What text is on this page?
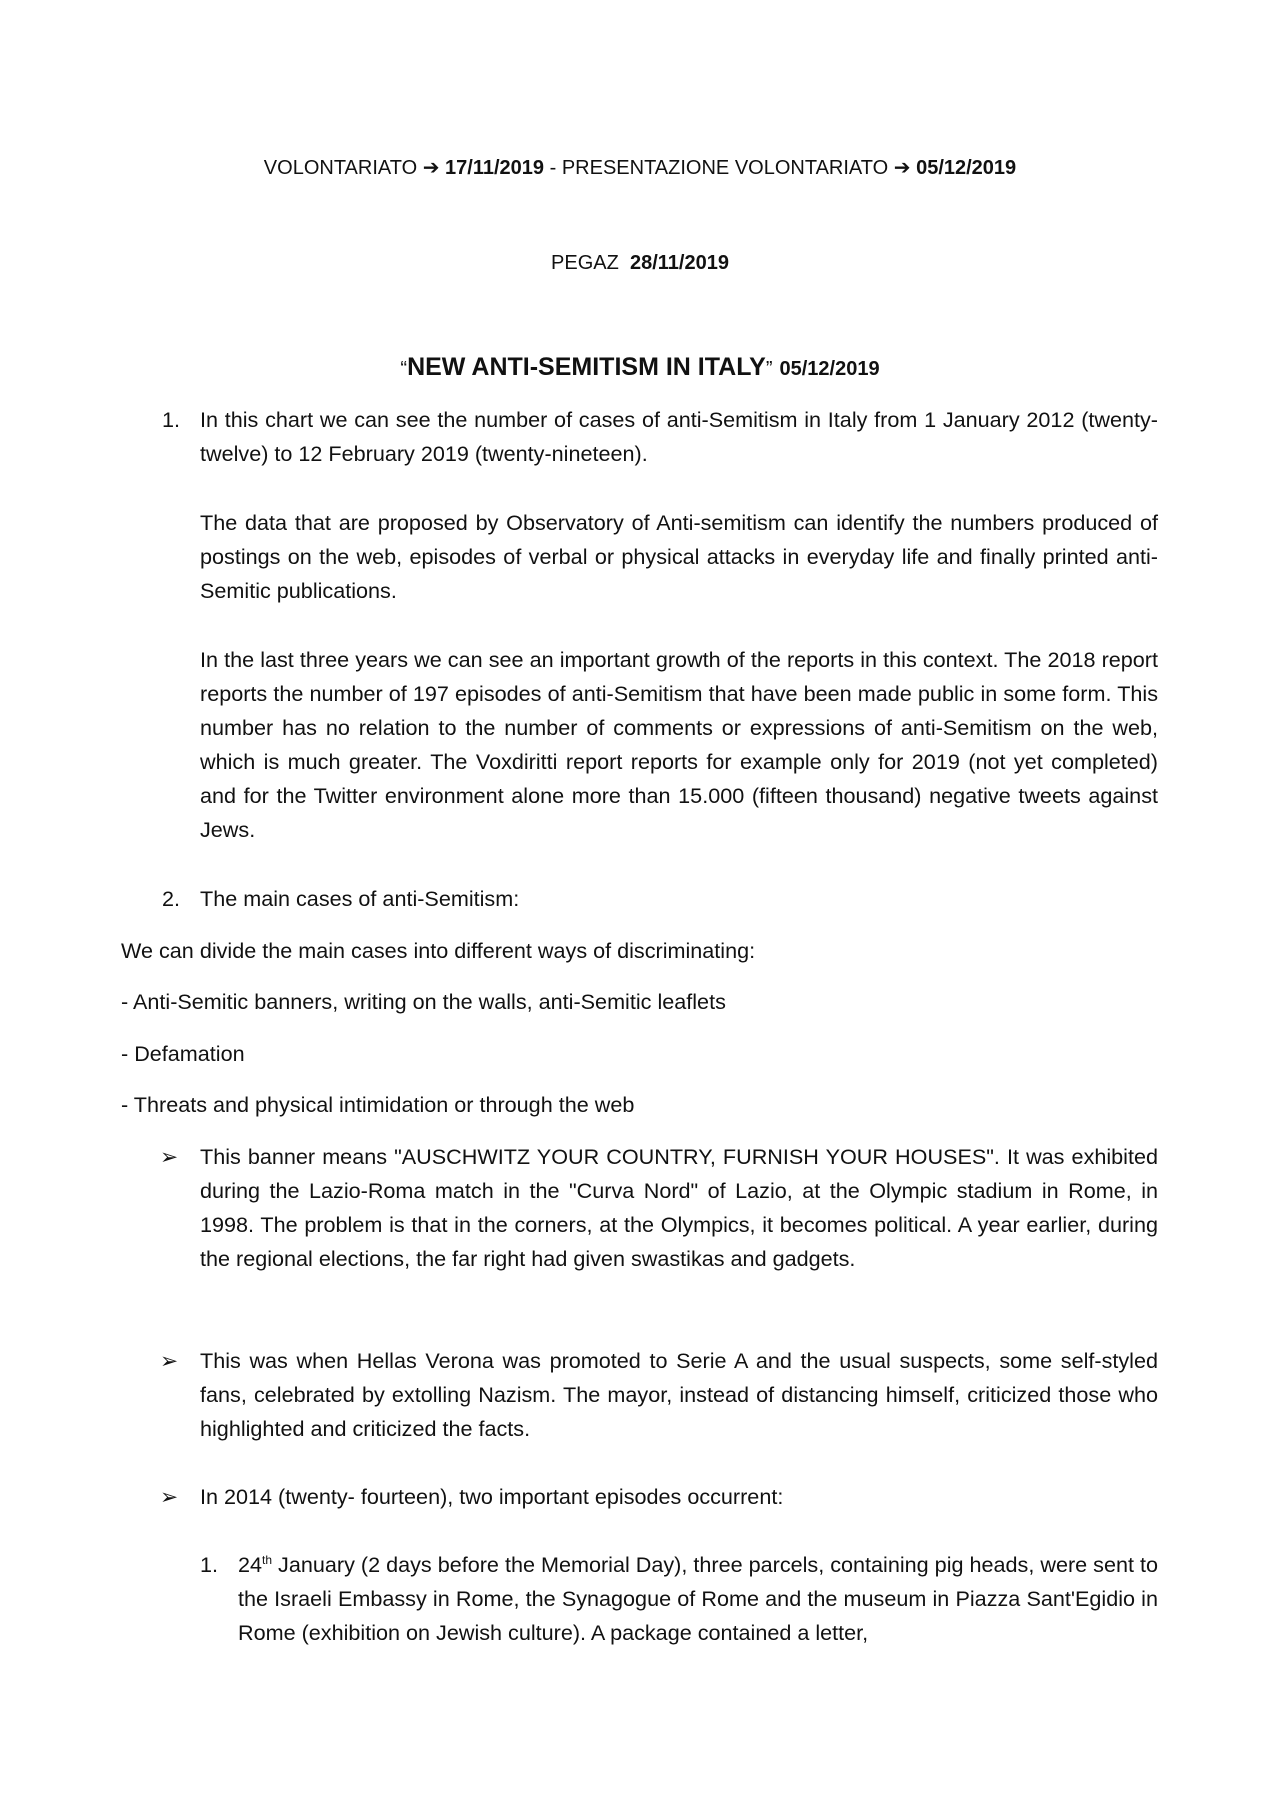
VOLONTARIATO ➔ 17/11/2019 - PRESENTAZIONE VOLONTARIATO ➔ 05/12/2019
PEGAZ 28/11/2019
“NEW ANTI-SEMITISM IN ITALY” 05/12/2019
1. In this chart we can see the number of cases of anti-Semitism in Italy from 1 January 2012 (twenty- twelve) to 12 February 2019 (twenty-nineteen).
The data that are proposed by Observatory of Anti-semitism can identify the numbers produced of postings on the web, episodes of verbal or physical attacks in everyday life and finally printed anti-Semitic publications.
In the last three years we can see an important growth of the reports in this context. The 2018 report reports the number of 197 episodes of anti-Semitism that have been made public in some form. This number has no relation to the number of comments or expressions of anti-Semitism on the web, which is much greater. The Voxdiritti report reports for example only for 2019 (not yet completed) and for the Twitter environment alone more than 15.000 (fifteen thousand) negative tweets against Jews.
2. The main cases of anti-Semitism:
We can divide the main cases into different ways of discriminating:
- Anti-Semitic banners, writing on the walls, anti-Semitic leaflets
- Defamation
- Threats and physical intimidation or through the web
➢ This banner means "AUSCHWITZ YOUR COUNTRY, FURNISH YOUR HOUSES". It was exhibited during the Lazio-Roma match in the "Curva Nord" of Lazio, at the Olympic stadium in Rome, in 1998. The problem is that in the corners, at the Olympics, it becomes political. A year earlier, during the regional elections, the far right had given swastikas and gadgets.
➢ This was when Hellas Verona was promoted to Serie A and the usual suspects, some self-styled fans, celebrated by extolling Nazism. The mayor, instead of distancing himself, criticized those who highlighted and criticized the facts.
➢ In 2014 (twenty- fourteen), two important episodes occurrent:
1. 24th January (2 days before the Memorial Day), three parcels, containing pig heads, were sent to the Israeli Embassy in Rome, the Synagogue of Rome and the museum in Piazza Sant'Egidio in Rome (exhibition on Jewish culture). A package contained a letter,
